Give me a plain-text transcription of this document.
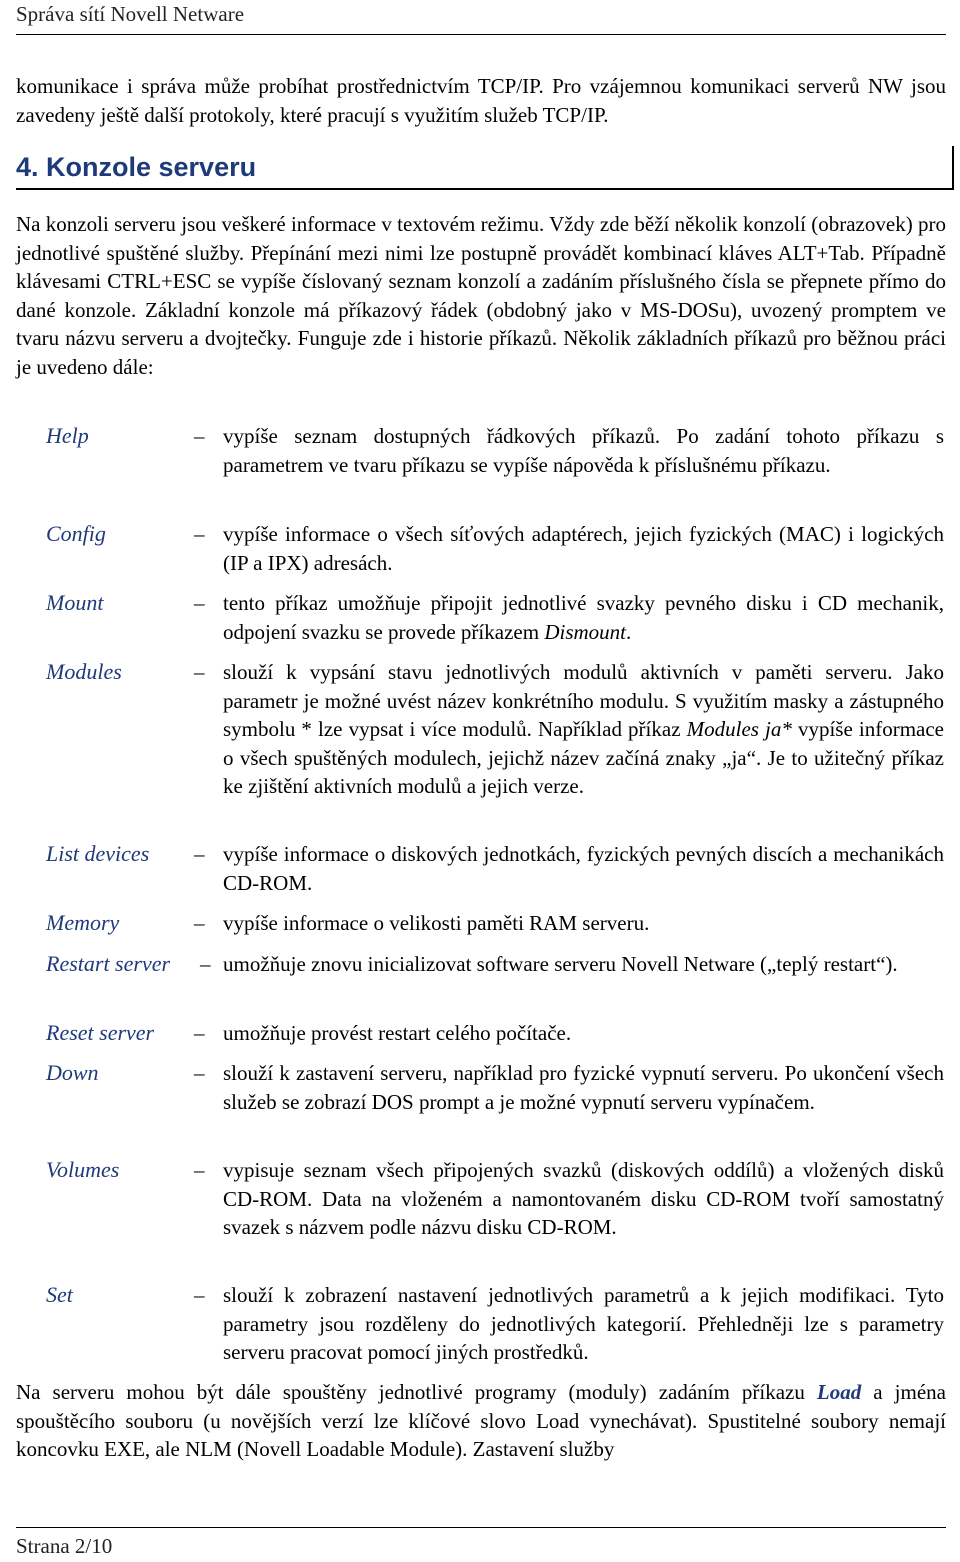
Správa sítí Novell Netware
komunikace i správa může probíhat prostřednictvím TCP/IP. Pro vzájemnou komunikaci serverů NW jsou zavedeny ještě další protokoly, které pracují s využitím služeb TCP/IP.
4. Konzole serveru
Na konzoli serveru jsou veškeré informace v textovém režimu. Vždy zde běží několik konzolí (obrazovek) pro jednotlivé spuštěné služby. Přepínání mezi nimi lze postupně provádět kombinací kláves ALT+Tab. Případně klávesami CTRL+ESC se vypíše číslovaný seznam konzolí a zadáním příslušného čísla se přepnete přímo do dané konzole. Základní konzole má příkazový řádek (obdobný jako v MS-DOSu), uvozený promptem ve tvaru názvu serveru a dvojtečky. Funguje zde i historie příkazů. Několik základních příkazů pro běžnou práci je uvedeno dále:
Help	– vypíše seznam dostupných řádkových příkazů. Po zadání tohoto příkazu s parametrem ve tvaru příkazu se vypíše nápověda k příslušnému příkazu.
Config	– vypíše informace o všech síťových adaptérech, jejich fyzických (MAC) i logických (IP a IPX) adresách.
Mount	– tento příkaz umožňuje připojit jednotlivé svazky pevného disku i CD mechanik, odpojení svazku se provede příkazem Dismount.
Modules	– slouží k vypsání stavu jednotlivých modulů aktivních v paměti serveru. Jako parametr je možné uvést název konkrétního modulu. S využitím masky a zástupného symbolu * lze vypsat i více modulů. Například příkaz Modules ja* vypíše informace o všech spuštěných modulech, jejichž název začíná znaky „ja“. Je to užitečný příkaz ke zjištění aktivních modulů a jejich verze.
List devices – vypíše informace o diskových jednotkách, fyzických pevných discích a mechanikách CD-ROM.
Memory	– vypíše informace o velikosti paměti RAM serveru.
Restart server – umožňuje znovu inicializovat software serveru Novell Netware („teplý restart“).
Reset server – umožňuje provést restart celého počítače.
Down	– slouží k zastavení serveru, například pro fyzické vypnutí serveru. Po ukončení všech služeb se zobrazí DOS prompt a je možné vypnutí serveru vypínačem.
Volumes	– vypisuje seznam všech připojených svazků (diskových oddílů) a vložených disků CD-ROM. Data na vloženém a namontovaném disku CD-ROM tvoří samostatný svazek s názvem podle názvu disku CD-ROM.
Set	– slouží k zobrazení nastavení jednotlivých parametrů a k jejich modifikaci. Tyto parametry jsou rozděleny do jednotlivých kategorií. Přehledněji lze s parametry serveru pracovat pomocí jiných prostředků.
Na serveru mohou být dále spouštěny jednotlivé programy (moduly) zadáním příkazu Load a jména spouštěcího souboru (u novějších verzí lze klíčové slovo Load vynechávat). Spustitelné soubory nemají koncovku EXE, ale NLM (Novell Loadable Module). Zastavení služby
Strana 2/10
